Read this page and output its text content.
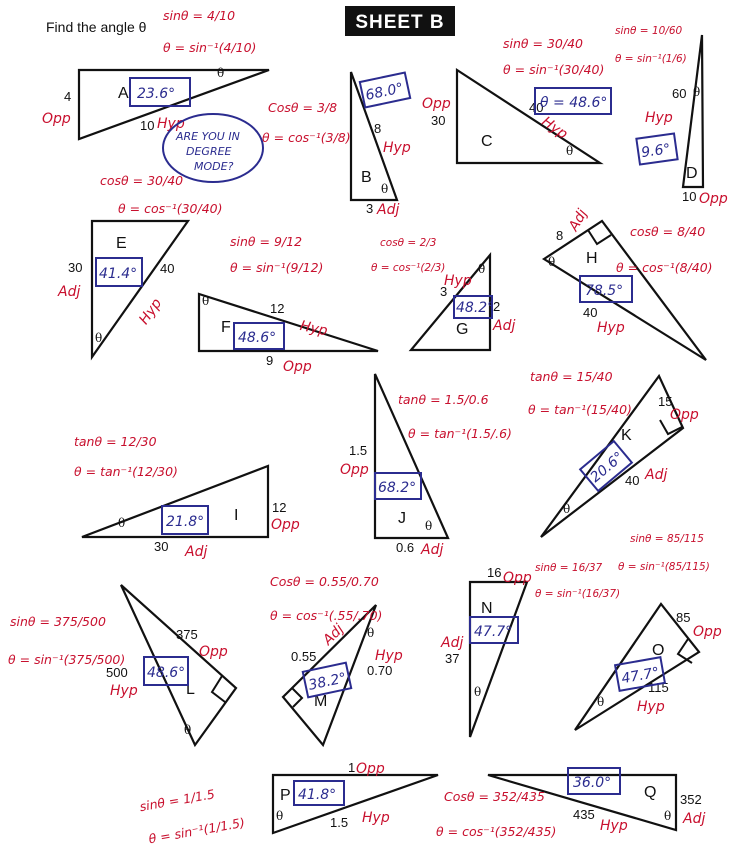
Find the angle θ	SHEET B
A
4
10
θ
Opp	Hyp
sinθ = 4/10
θ = sin⁻¹(4/10)
23.6°
ARE YOU IN
DEGREE
MODE?
B
8
3
θ
Hyp
Adj
Cosθ = 3/8
θ = cos⁻¹(3/8)
68.0°
C
30
40
θ
Opp
Hyp
sinθ = 30/40
θ = sin⁻¹(30/40)
θ = 48.6°
D
60
10
θ
Hyp
Opp
sinθ = 10/60
θ = sin⁻¹(1/6)
9.6°
E
30	40
θ
Adj
Hyp
cosθ = 30/40
θ = cos⁻¹(30/40)
41.4°
F
12
9
θ
Hyp
Opp
sinθ = 9/12
θ = sin⁻¹(9/12)
48.6°	G
3
2
θ
Hyp
Adj
cosθ = 2/3
θ = cos⁻¹(2/3)
48.2°
H
8
40
θ
Adj
Hyp
cosθ = 8/40
θ = cos⁻¹(8/40)
78.5°
I	12
30
θ	Opp
Adj
tanθ = 12/30
θ = tan⁻¹(12/30)
21.8°	J
1.5
0.6
θ
Opp
Adj
tanθ = 1.5/0.6
θ = tan⁻¹(1.5/.6)
68.2°
K
15
40
θ
Opp
Adj
tanθ = 15/40
θ = tan⁻¹(15/40)
20.6°
L
375
500
θ
Opp
Hyp
sinθ = 375/500
θ = sin⁻¹(375/500)
48.6°
M
0.55
0.70
θ
Adj
Hyp
Cosθ = 0.55/0.70
θ = cos⁻¹(.55/.70)
38.2°
N
16
37
θ
Opp
Adj
sinθ = 16/37
θ = sin⁻¹(16/37)
47.7°
O
85
115
θ
Opp
Hyp
sinθ = 85/115
θ = sin⁻¹(85/115)
47.7°
P
1
1.5
θ
Opp
Hyp
sinθ = 1/1.5
θ = sin⁻¹(1/1.5)
41.8°	Q 352
435	θ Adj
Hyp
Cosθ = 352/435
θ = cos⁻¹(352/435)
36.0°
